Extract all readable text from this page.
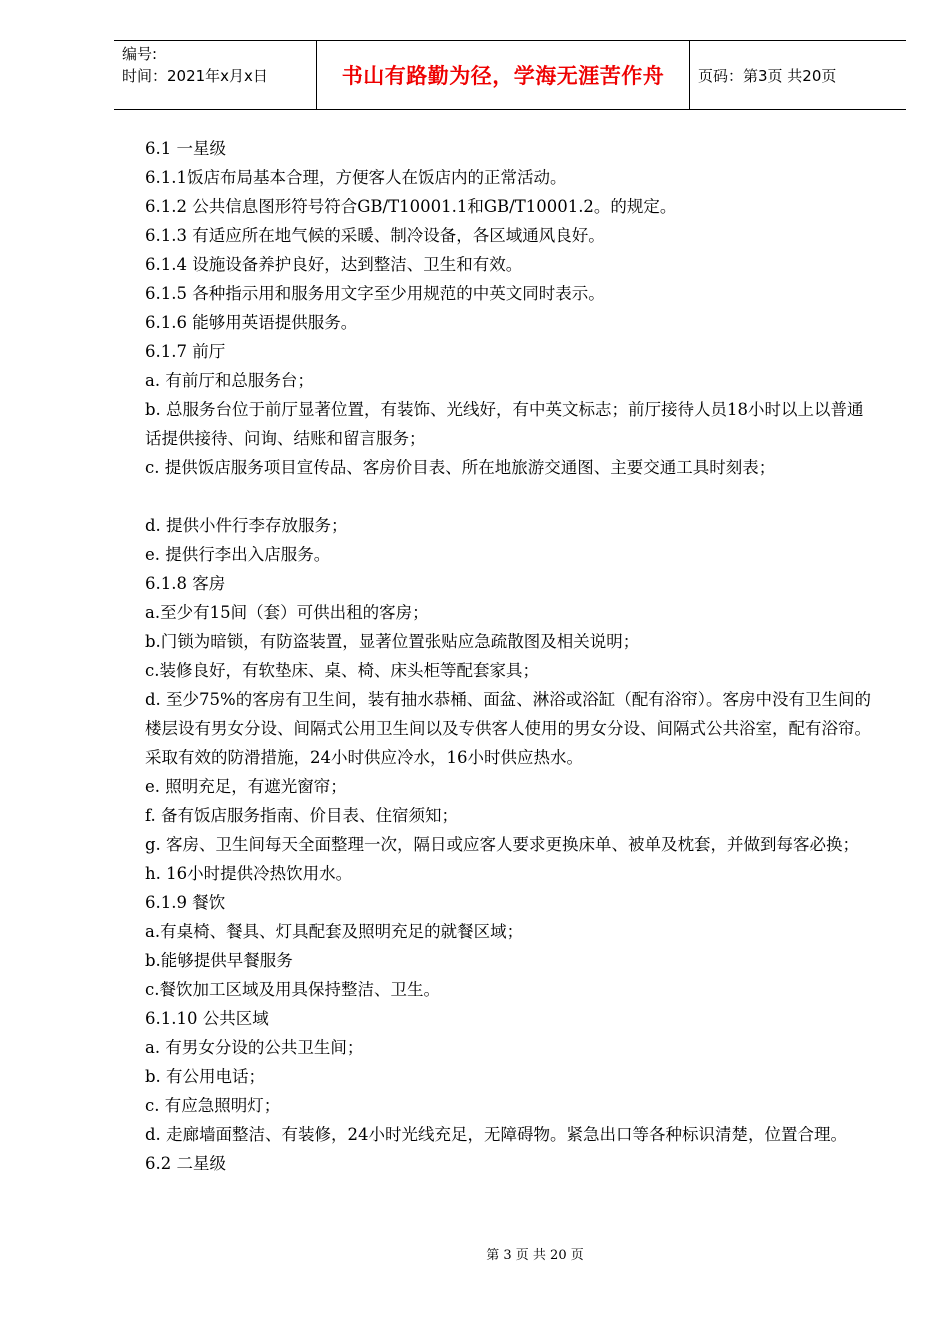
编号:
时间：2021年x月x日	书山有路勤为径，学海无涯苦作舟	页码：第3页 共20页
6.1 一星级
6.1.1饭店布局基本合理，方便客人在饭店内的正常活动。
6.1.2 公共信息图形符号符合GB/T10001.1和GB/T10001.2。的规定。
6.1.3 有适应所在地气候的采暖、制冷设备，各区域通风良好。
6.1.4 设施设备养护良好，达到整洁、卫生和有效。
6.1.5 各种指示用和服务用文字至少用规范的中英文同时表示。
6.1.6 能够用英语提供服务。
6.1.7 前厅
a. 有前厅和总服务台；
b. 总服务台位于前厅显著位置，有装饰、光线好，有中英文标志；前厅接待人员18小时以上以普通话提供接待、问询、结账和留言服务；
c. 提供饭店服务项目宣传品、客房价目表、所在地旅游交通图、主要交通工具时刻表；
d. 提供小件行李存放服务；
e. 提供行李出入店服务。
6.1.8 客房
a.至少有15间（套）可供出租的客房；
b.门锁为暗锁，有防盗装置，显著位置张贴应急疏散图及相关说明；
c.装修良好，有软垫床、桌、椅、床头柜等配套家具；
d. 至少75%的客房有卫生间，装有抽水恭桶、面盆、淋浴或浴缸（配有浴帘）。客房中没有卫生间的楼层设有男女分设、间隔式公用卫生间以及专供客人使用的男女分设、间隔式公共浴室，配有浴帘。采取有效的防滑措施，24小时供应冷水，16小时供应热水。
e. 照明充足，有遮光窗帘；
f. 备有饭店服务指南、价目表、住宿须知；
g. 客房、卫生间每天全面整理一次，隔日或应客人要求更换床单、被单及枕套，并做到每客必换；
h. 16小时提供冷热饮用水。
6.1.9 餐饮
a.有桌椅、餐具、灯具配套及照明充足的就餐区域；
b.能够提供早餐服务
c.餐饮加工区域及用具保持整洁、卫生。
6.1.10 公共区域
a. 有男女分设的公共卫生间；
b. 有公用电话；
c. 有应急照明灯；
d. 走廊墙面整洁、有装修，24小时光线充足，无障碍物。紧急出口等各种标识清楚，位置合理。
6.2 二星级
第 3 页 共 20 页
